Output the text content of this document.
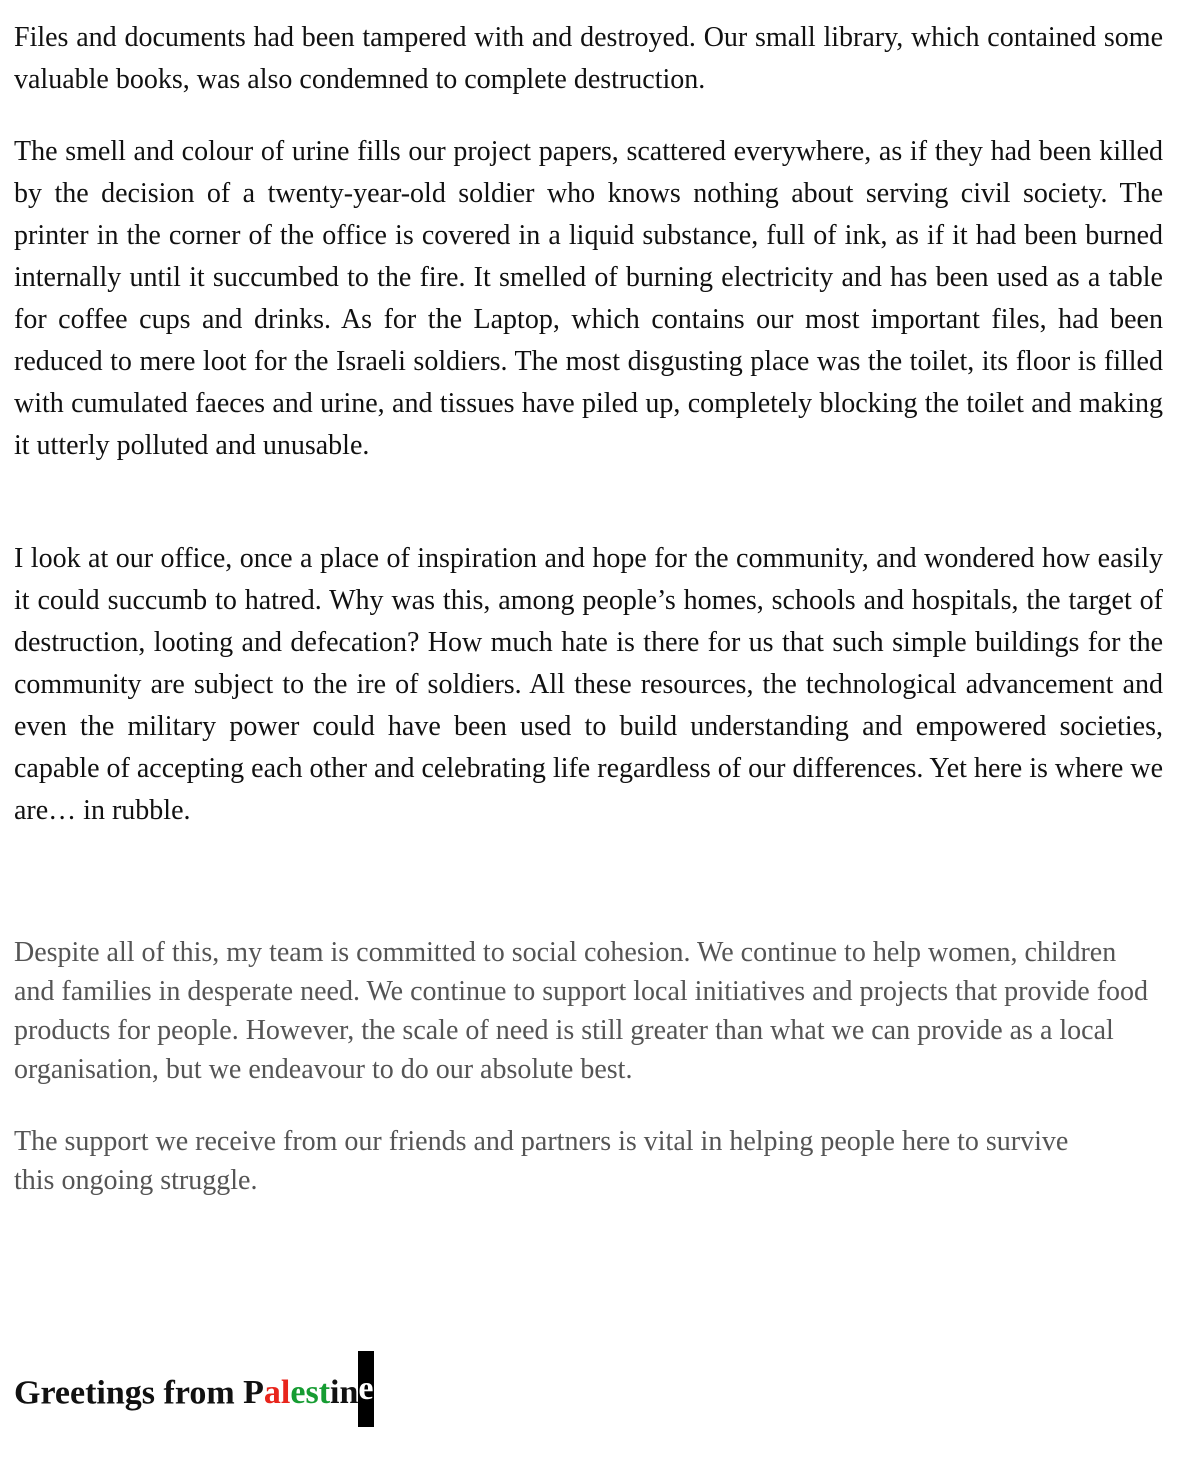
Files and documents had been tampered with and destroyed. Our small library, which contained some valuable books, was also condemned to complete destruction.

The smell and colour of urine fills our project papers, scattered everywhere, as if they had been killed by the decision of a twenty-year-old soldier who knows nothing about serving civil society. The printer in the corner of the office is covered in a liquid substance, full of ink, as if it had been burned internally until it succumbed to the fire. It smelled of burning electricity and has been used as a table for coffee cups and drinks. As for the Laptop, which contains our most important files, had been reduced to mere loot for the Israeli soldiers. The most disgusting place was the toilet, its floor is filled with cumulated faeces and urine, and tissues have piled up, completely blocking the toilet and making it utterly polluted and unusable.

I look at our office, once a place of inspiration and hope for the community, and wondered how easily it could succumb to hatred. Why was this, among people’s homes, schools and hospitals, the target of destruction, looting and defecation? How much hate is there for us that such simple buildings for the community are subject to the ire of soldiers. All these resources, the technological advancement and even the military power could have been used to build understanding and empowered societies, capable of accepting each other and celebrating life regardless of our differences. Yet here is where we are… in rubble.

Despite all of this, my team is committed to social cohesion. We continue to help women, children and families in desperate need. We continue to support local initiatives and projects that provide food products for people. However, the scale of need is still greater than what we can provide as a local organisation, but we endeavour to do our absolute best.

The support we receive from our friends and partners is vital in helping people here to survive this ongoing struggle.

Greetings from Palestine
